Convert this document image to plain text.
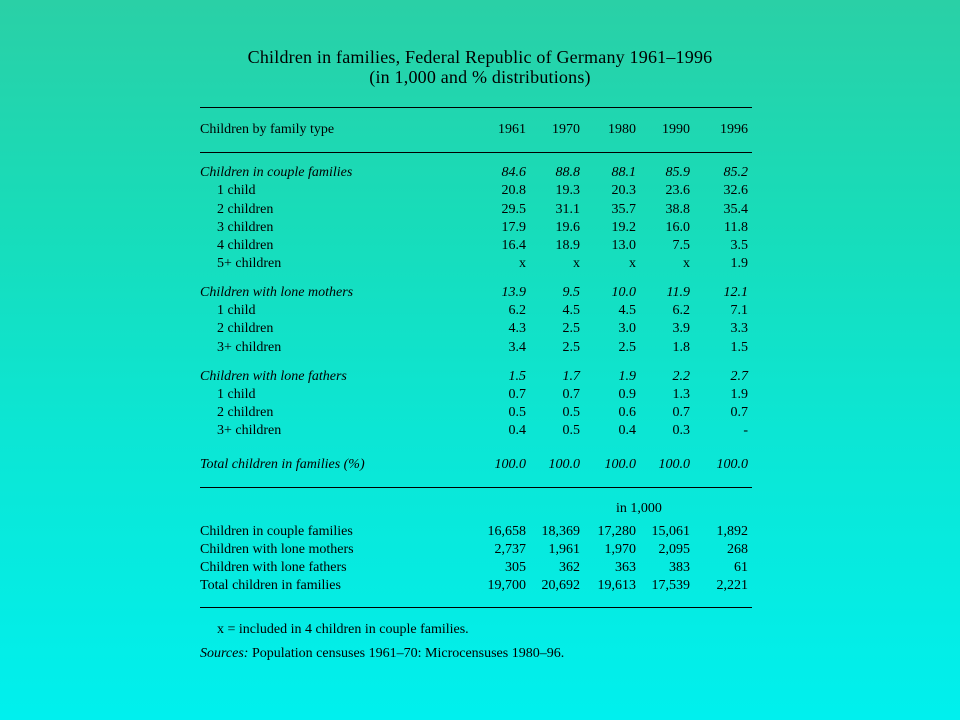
Children in families, Federal Republic of Germany 1961–1996
(in 1,000 and % distributions)
Children by family type	1961	1970	1980	1990	1996
Children in couple families	84.6	88.8	88.1	85.9	85.2
1 child	20.8	19.3	20.3	23.6	32.6
2 children	29.5	31.1	35.7	38.8	35.4
3 children	17.9	19.6	19.2	16.0	11.8
4 children	16.4	18.9	13.0	7.5	3.5
5+ children	x	x	x	x	1.9
Children with lone mothers	13.9	9.5	10.0	11.9	12.1
1 child	6.2	4.5	4.5	6.2	7.1
2 children	4.3	2.5	3.0	3.9	3.3
3+ children	3.4	2.5	2.5	1.8	1.5
Children with lone fathers	1.5	1.7	1.9	2.2	2.7
1 child	0.7	0.7	0.9	1.3	1.9
2 children	0.5	0.5	0.6	0.7	0.7
3+ children	0.4	0.5	0.4	0.3	-
Total children in families (%)	100.0	100.0	100.0	100.0	100.0
in 1,000
Children in couple families	16,658	18,369	17,280	15,061	1,892
Children with lone mothers	2,737	1,961	1,970	2,095	268
Children with lone fathers	305	362	363	383	61
Total children in families	19,700	20,692	19,613	17,539	2,221
x = included in 4 children in couple families.
Sources: Population censuses 1961–70: Microcensuses 1980–96.
